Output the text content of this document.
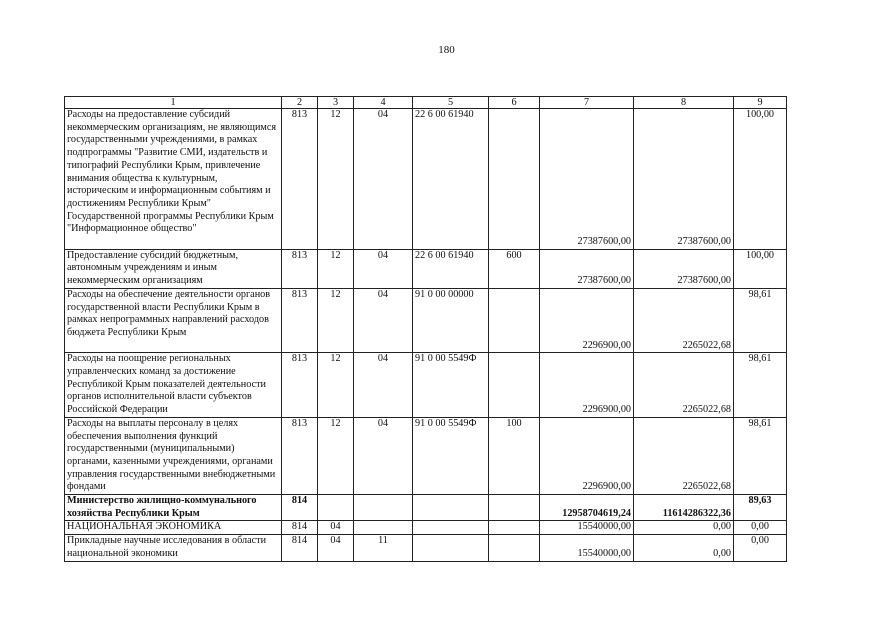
180
1	2	3	4	5	6	7	8	9
Расходы на предоставление субсидий некоммерческим организациям, не являющимся государственными учреждениями, в рамках подпрограммы "Развитие СМИ, издательств и типографий Республики Крым, привлечение внимания общества к культурным, историческим и информационным событиям и достижениям Республики Крым" Государственной программы Республики Крым "Информационное общество"	813	12	04	22 6 00 61940		27387600,00	27387600,00	100,00
Предоставление субсидий бюджетным, автономным учреждениям и иным некоммерческим организациям	813	12	04	22 6 00 61940	600	27387600,00	27387600,00	100,00
Расходы на обеспечение деятельности органов государственной власти Республики Крым в рамках непрограммных направлений расходов бюджета Республики Крым	813	12	04	91 0 00 00000		2296900,00	2265022,68	98,61
Расходы на поощрение региональных управленческих команд за достижение Республикой Крым показателей деятельности органов исполнительной власти субъектов Российской Федерации	813	12	04	91 0 00 5549Ф		2296900,00	2265022,68	98,61
Расходы на выплаты персоналу в целях обеспечения выполнения функций государственными (муниципальными) органами, казенными учреждениями, органами управления государственными внебюджетными фондами	813	12	04	91 0 00 5549Ф	100	2296900,00	2265022,68	98,61
Министерство жилищно-коммунального хозяйства Республики Крым	814					12958704619,24	11614286322,36	89,63
НАЦИОНАЛЬНАЯ ЭКОНОМИКА	814	04				15540000,00	0,00	0,00
Прикладные научные исследования в области национальной экономики	814	04	11			15540000,00	0,00	0,00
